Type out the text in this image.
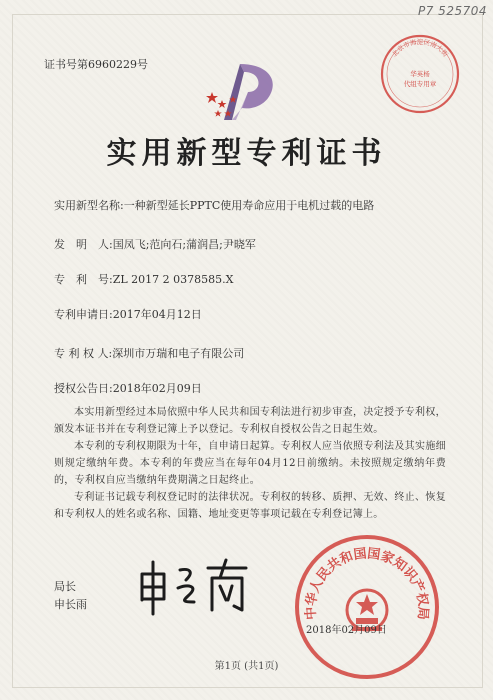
P7 525704
北京市海淀区南大街
华英杨
代组专用章
证书号第6960229号
实用新型专利证书
实用新型名称:一种新型延长PPTC使用寿命应用于电机过载的电路
发　明　人:国凤飞;范向石;蒲润昌;尹晓军
专　利　号:ZL 2017 2 0378585.X
专利申请日:2017年04月12日
专 利 权 人:深圳市万瑞和电子有限公司
授权公告日:2018年02月09日

本实用新型经过本局依照中华人民共和国专利法进行初步审查，决定授予专利权，颁发本证书并在专利登记簿上予以登记。专利权自授权公告之日起生效。

本专利的专利权期限为十年，自申请日起算。专利权人应当依照专利法及其实施细则规定缴纳年费。本专利的年费应当在每年04月12日前缴纳。未按照规定缴纳年费的，专利权自应当缴纳年费期满之日起终止。

专利证书记载专利权登记时的法律状况。专利权的转移、质押、无效、终止、恢复和专利权人的姓名或名称、国籍、地址变更等事项记载在专利登记簿上。

局长
申长雨
中华人民共和国国家知识产权局
2018年02月09日
第1页 (共1页)
